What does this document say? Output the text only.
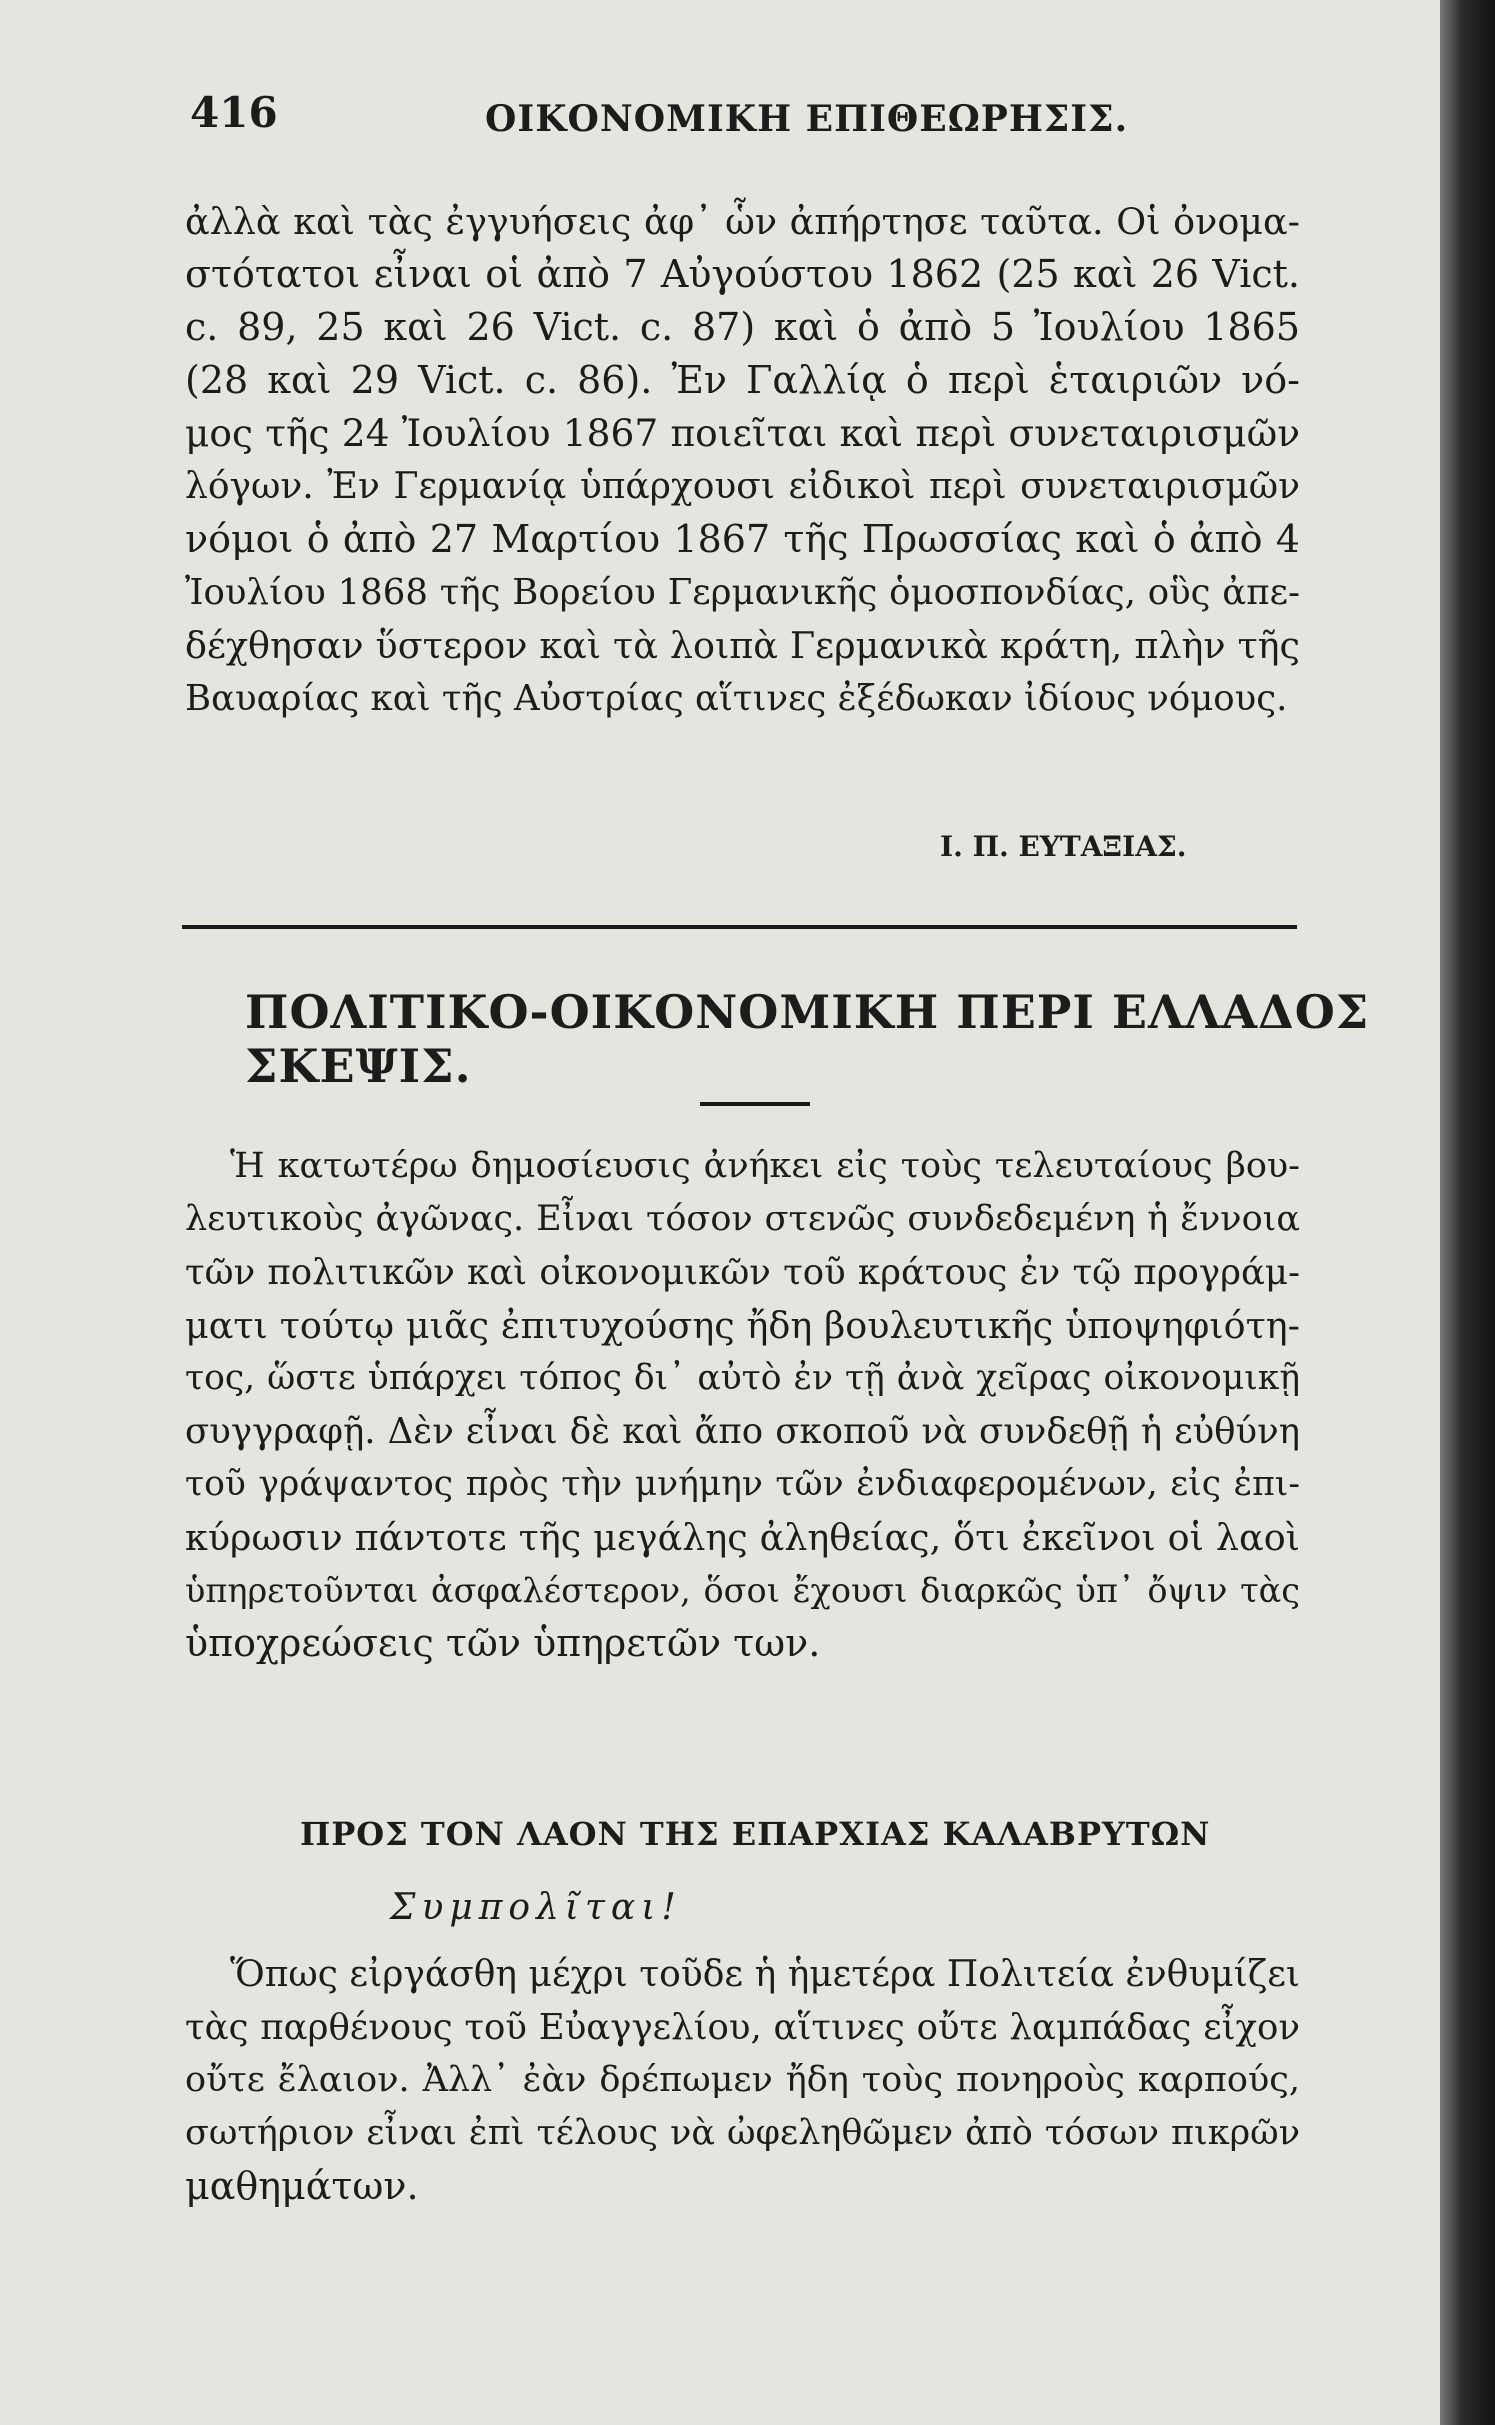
416	ΟΙΚΟΝΟΜΙΚΗ ΕΠΙΘΕΩΡΗΣΙΣ.
ἀλλὰ καὶ τὰς ἐγγυήσεις ἀφ᾽ ὧν ἀπήρτησε ταῦτα. Οἱ ὀνομα-
στότατοι εἶναι οἱ ἀπὸ 7 Αὐγούστου 1862 (25 καὶ 26 Vict.
c. 89, 25 καὶ 26 Vict. c. 87) καὶ ὁ ἀπὸ 5 Ἰουλίου 1865
(28 καὶ 29 Vict. c. 86). Ἐν Γαλλίᾳ ὁ περὶ ἑταιριῶν νό-
μος τῆς 24 Ἰουλίου 1867 ποιεῖται καὶ περὶ συνεταιρισμῶν
λόγων. Ἐν Γερμανίᾳ ὑπάρχουσι εἰδικοὶ περὶ συνεταιρισμῶν
νόμοι ὁ ἀπὸ 27 Μαρτίου 1867 τῆς Πρωσσίας καὶ ὁ ἀπὸ 4
Ἰουλίου 1868 τῆς Βορείου Γερμανικῆς ὁμοσπονδίας, οὓς ἀπε-
δέχθησαν ὕστερον καὶ τὰ λοιπὰ Γερμανικὰ κράτη, πλὴν τῆς
Βαυαρίας καὶ τῆς Αὐστρίας αἵτινες ἐξέδωκαν ἰδίους νόμους.
Ι. Π. ΕΥΤΑΞΙΑΣ.
ΠΟΛΙΤΙΚΟ-ΟΙΚΟΝΟΜΙΚΗ ΠΕΡΙ ΕΛΛΑΔΟΣ ΣΚΕΨΙΣ.
Ἡ κατωτέρω δημοσίευσις ἀνήκει εἰς τοὺς τελευταίους βου-
λευτικοὺς ἀγῶνας. Εἶναι τόσον στενῶς συνδεδεμένη ἡ ἔννοια
τῶν πολιτικῶν καὶ οἰκονομικῶν τοῦ κράτους ἐν τῷ προγράμ-
ματι τούτῳ μιᾶς ἐπιτυχούσης ἤδη βουλευτικῆς ὑποψηφιότη-
τος, ὥστε ὑπάρχει τόπος δι᾽ αὐτὸ ἐν τῇ ἀνὰ χεῖρας οἰκονομικῇ
συγγραφῇ. Δὲν εἶναι δὲ καὶ ἄπο σκοποῦ νὰ συνδεθῇ ἡ εὐθύνη
τοῦ γράψαντος πρὸς τὴν μνήμην τῶν ἐνδιαφερομένων, εἰς ἐπι-
κύρωσιν πάντοτε τῆς μεγάλης ἀληθείας, ὅτι ἐκεῖνοι οἱ λαοὶ
ὑπηρετοῦνται ἀσφαλέστερον, ὅσοι ἔχουσι διαρκῶς ὑπ᾽ ὄψιν τὰς
ὑποχρεώσεις τῶν ὑπηρετῶν των.
ΠΡΟΣ ΤΟΝ ΛΑΟΝ ΤΗΣ ΕΠΑΡΧΙΑΣ ΚΑΛΑΒΡΥΤΩΝ
Συμπολῖται!
Ὅπως εἰργάσθη μέχρι τοῦδε ἡ ἡμετέρα Πολιτεία ἐνθυμίζει
τὰς παρθένους τοῦ Εὐαγγελίου, αἵτινες οὔτε λαμπάδας εἶχον
οὔτε ἔλαιον. Ἀλλ᾽ ἐὰν δρέπωμεν ἤδη τοὺς πονηροὺς καρπούς,
σωτήριον εἶναι ἐπὶ τέλους νὰ ὠφεληθῶμεν ἀπὸ τόσων πικρῶν
μαθημάτων.
